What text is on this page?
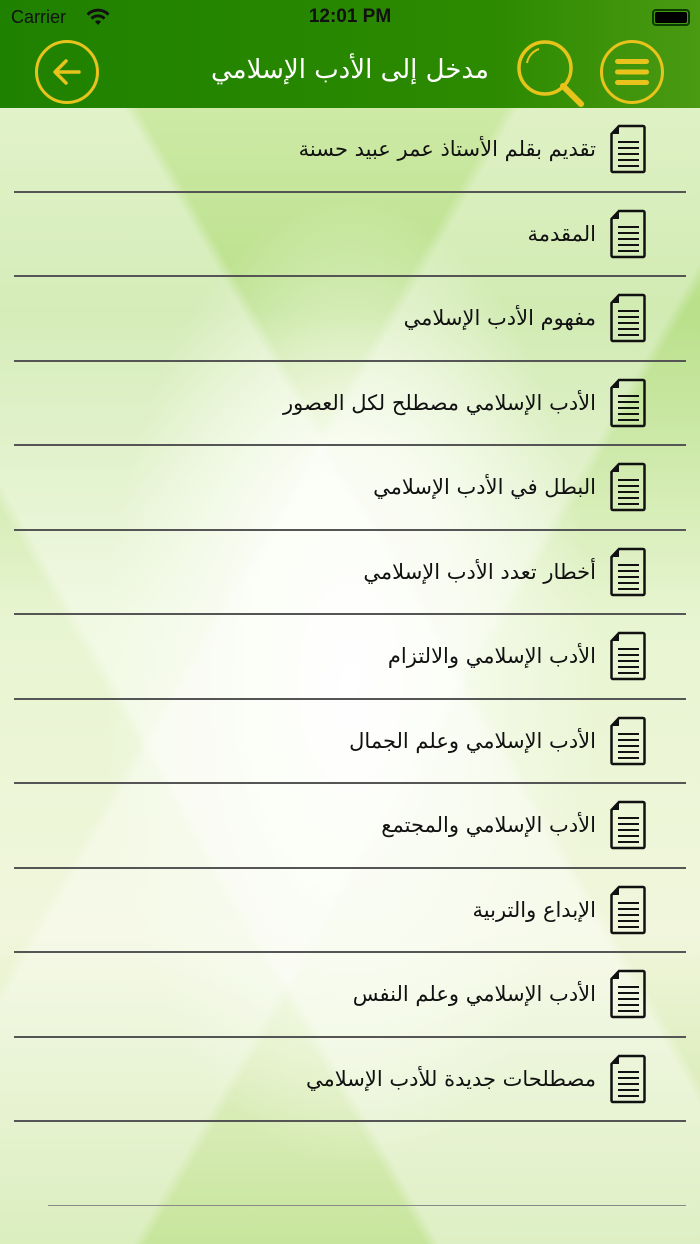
Carrier	12:01 PM
مدخل إلى الأدب الإسلامي
تقديم بقلم الأستاذ عمر عبيد حسنة
المقدمة
مفهوم الأدب الإسلامي
الأدب الإسلامي مصطلح لكل العصور
البطل في الأدب الإسلامي
أخطار تعدد الأدب الإسلامي
الأدب الإسلامي والالتزام
الأدب الإسلامي وعلم الجمال
الأدب الإسلامي والمجتمع
الإبداع والتربية
الأدب الإسلامي وعلم النفس
مصطلحات جديدة للأدب الإسلامي
